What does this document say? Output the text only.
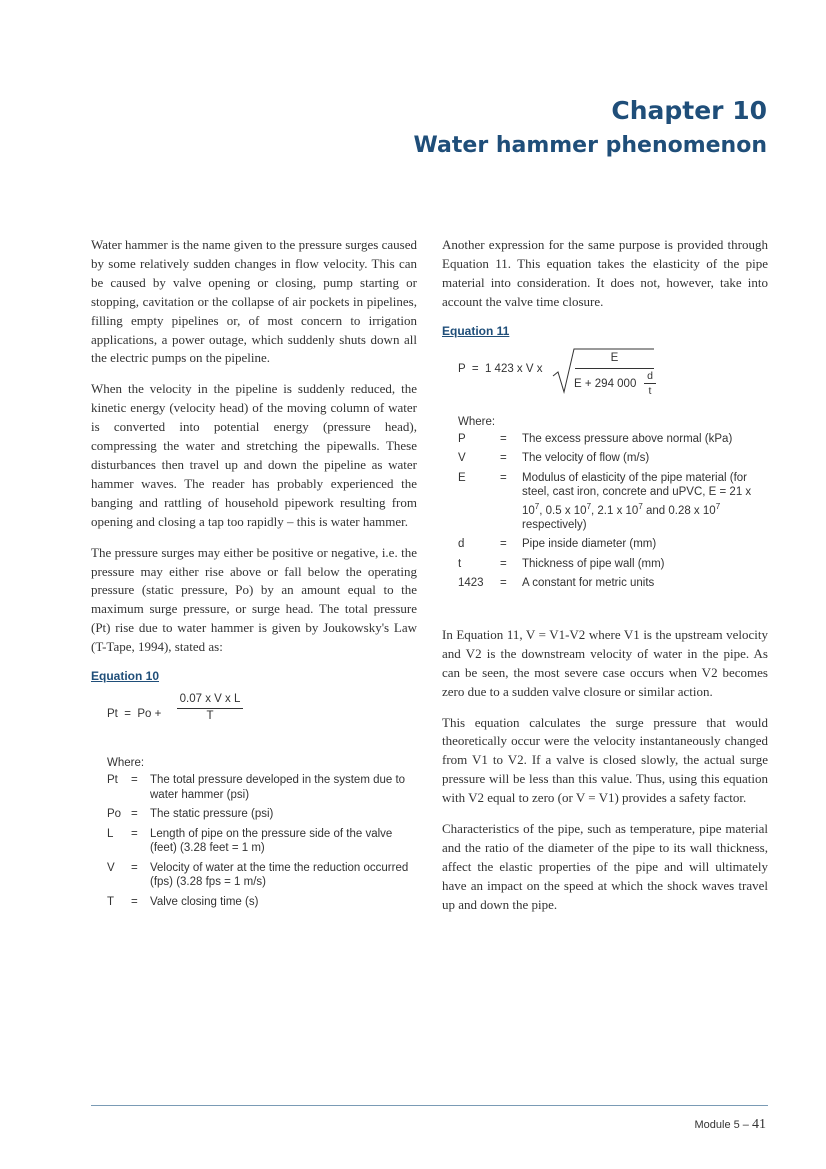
Chapter 10
Water hammer phenomenon

Water hammer is the name given to the pressure surges caused by some relatively sudden changes in flow velocity. This can be caused by valve opening or closing, pump starting or stopping, cavitation or the collapse of air pockets in pipelines, filling empty pipelines or, of most concern to irrigation applications, a power outage, which suddenly shuts down all the electric pumps on the pipeline.

When the velocity in the pipeline is suddenly reduced, the kinetic energy (velocity head) of the moving column of water is converted into potential energy (pressure head), compressing the water and stretching the pipewalls. These disturbances then travel up and down the pipeline as water hammer waves. The reader has probably experienced the banging and rattling of household pipework resulting from opening and closing a tap too rapidly – this is water hammer.

The pressure surges may either be positive or negative, i.e. the pressure may either rise above or fall below the operating pressure (static pressure, Po) by an amount equal to the maximum surge pressure, or surge head. The total pressure (Pt) rise due to water hammer is given by Joukowsky's Law (T-Tape, 1994), stated as:

Equation 10
Pt  =  Po +
0.07 x V x L
T
Where:
Pt	=	The total pressure developed in the system due to water hammer (psi)
Po =	The static pressure (psi)
L	=	Length of pipe on the pressure side of the valve (feet) (3.28 feet = 1 m)
V	=	Velocity of water at the time the reduction occurred (fps) (3.28 fps = 1 m/s)
T	=	Valve closing time (s)

Another expression for the same purpose is provided through Equation 11. This equation takes the elasticity of the pipe material into consideration. It does not, however, take into account the valve time closure.

Equation 11
P  =  1 423 x V x
E
E + 294 000
d
t
Where:
P	=	The excess pressure above normal (kPa)
V	=	The velocity of flow (m/s)
E	=	Modulus of elasticity of the pipe material (for steel, cast iron, concrete and uPVC, E = 21 x $10^7$, 0.5 x $10^7$, 2.1 x $10^7$ and 0.28 x $10^7$ respectively)
d	=	Pipe inside diameter (mm)
t	=	Thickness of pipe wall (mm)
1423	=	A constant for metric units

In Equation 11, V = V1-V2 where V1 is the upstream velocity and V2 is the downstream velocity of water in the pipe. As can be seen, the most severe case occurs when V2 becomes zero due to a sudden valve closure or similar action.

This equation calculates the surge pressure that would theoretically occur were the velocity instantaneously changed from V1 to V2. If a valve is closed slowly, the actual surge pressure will be less than this value. Thus, using this equation with V2 equal to zero (or V = V1) provides a safety factor.

Characteristics of the pipe, such as temperature, pipe material and the ratio of the diameter of the pipe to its wall thickness, affect the elastic properties of the pipe and will ultimately have an impact on the speed at which the shock waves travel up and down the pipe.

Module 5 – 41
